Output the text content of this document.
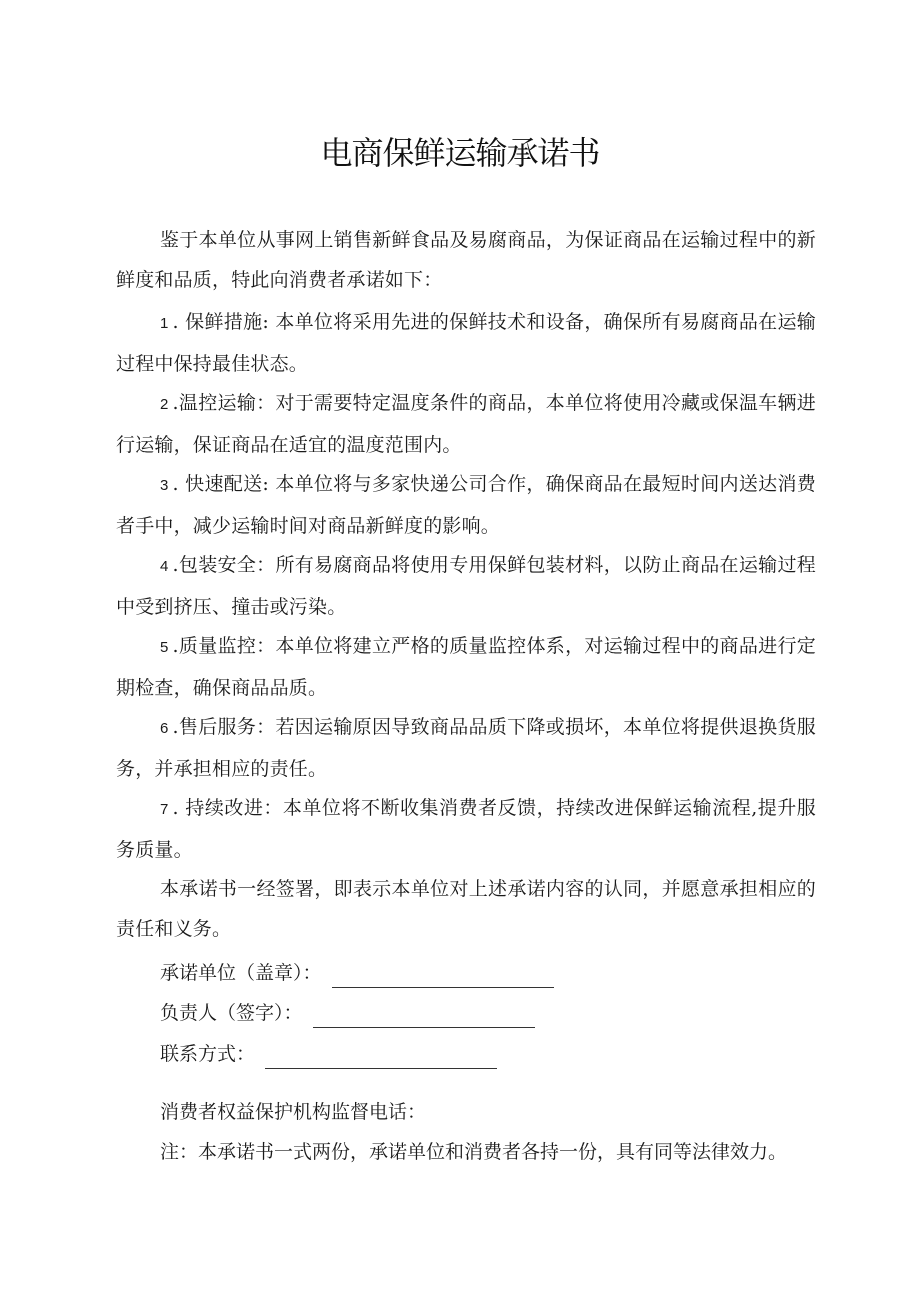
电商保鲜运输承诺书

鉴于本单位从事网上销售新鲜食品及易腐商品，为保证商品在运输过程中的新鲜度和品质，特此向消费者承诺如下：

1 . 保鲜措施: 本单位将采用先进的保鲜技术和设备，确保所有易腐商品在运输过程中保持最佳状态。

2 .温控运输：对于需要特定温度条件的商品，本单位将使用冷藏或保温车辆进行运输，保证商品在适宜的温度范围内。

3 . 快速配送: 本单位将与多家快递公司合作，确保商品在最短时间内送达消费者手中，减少运输时间对商品新鲜度的影响。

4 .包装安全：所有易腐商品将使用专用保鲜包装材料，以防止商品在运输过程中受到挤压、撞击或污染。

5 .质量监控：本单位将建立严格的质量监控体系，对运输过程中的商品进行定期检查，确保商品品质。

6 .售后服务：若因运输原因导致商品品质下降或损坏，本单位将提供退换货服务，并承担相应的责任。

7 . 持续改进：本单位将不断收集消费者反馈，持续改进保鲜运输流程,提升服务质量。

本承诺书一经签署，即表示本单位对上述承诺内容的认同，并愿意承担相应的责任和义务。

承诺单位（盖章）：
负责人（签字）：
联系方式：
消费者权益保护机构监督电话：
注：本承诺书一式两份，承诺单位和消费者各持一份，具有同等法律效力。
